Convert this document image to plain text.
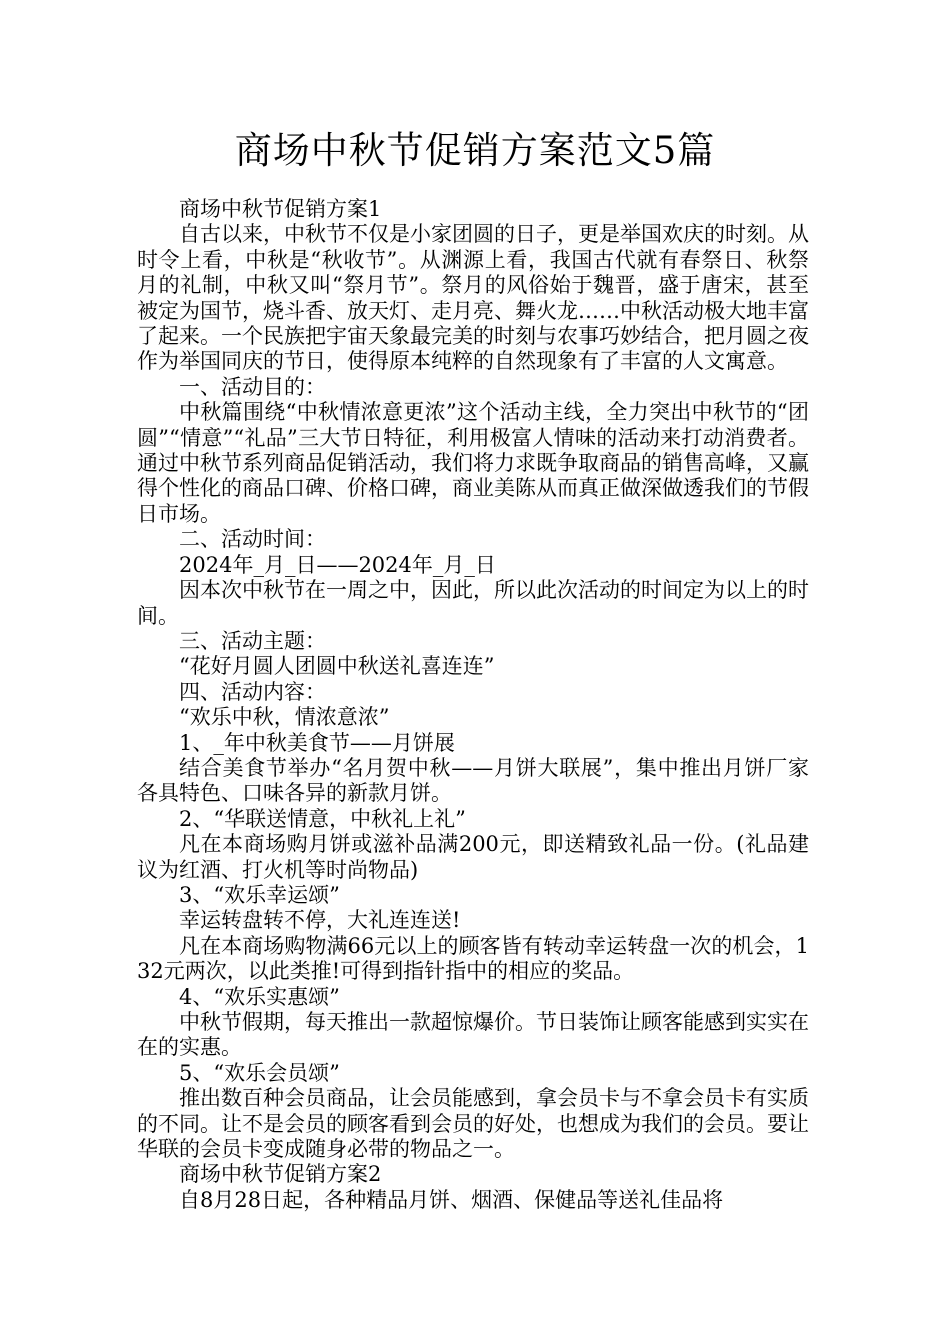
商场中秋节促销方案范文5篇

商场中秋节促销方案1

自古以来，中秋节不仅是小家团圆的日子，更是举国欢庆的时刻。从时令上看，中秋是“秋收节”。从渊源上看，我国古代就有春祭日、秋祭月的礼制，中秋又叫“祭月节”。祭月的风俗始于魏晋，盛于唐宋，甚至被定为国节，烧斗香、放天灯、走月亮、舞火龙……中秋活动极大地丰富了起来。一个民族把宇宙天象最完美的时刻与农事巧妙结合，把月圆之夜作为举国同庆的节日，使得原本纯粹的自然现象有了丰富的人文寓意。

一、活动目的：

中秋篇围绕“中秋情浓意更浓”这个活动主线，全力突出中秋节的“团圆”“情意”“礼品”三大节日特征，利用极富人情味的活动来打动消费者。通过中秋节系列商品促销活动，我们将力求既争取商品的销售高峰，又赢得个性化的商品口碑、价格口碑，商业美陈从而真正做深做透我们的节假日市场。

二、活动时间：

2024年_月_日——2024年_月_日

因本次中秋节在一周之中，因此，所以此次活动的时间定为以上的时间。

三、活动主题：

“花好月圆人团圆中秋送礼喜连连”

四、活动内容：

“欢乐中秋，情浓意浓”

1、_年中秋美食节——月饼展

结合美食节举办“名月贺中秋——月饼大联展”，集中推出月饼厂家各具特色、口味各异的新款月饼。

2、“华联送情意，中秋礼上礼”

凡在本商场购月饼或滋补品满200元，即送精致礼品一份。(礼品建议为红酒、打火机等时尚物品)

3、“欢乐幸运颂”

幸运转盘转不停，大礼连连送!

凡在本商场购物满66元以上的顾客皆有转动幸运转盘一次的机会，132元两次，以此类推!可得到指针指中的相应的奖品。

4、“欢乐实惠颂”

中秋节假期，每天推出一款超惊爆价。节日装饰让顾客能感到实实在在的实惠。

5、“欢乐会员颂”

推出数百种会员商品，让会员能感到，拿会员卡与不拿会员卡有实质的不同。让不是会员的顾客看到会员的好处，也想成为我们的会员。要让华联的会员卡变成随身必带的物品之一。

商场中秋节促销方案2

自8月28日起，各种精品月饼、烟酒、保健品等送礼佳品将
